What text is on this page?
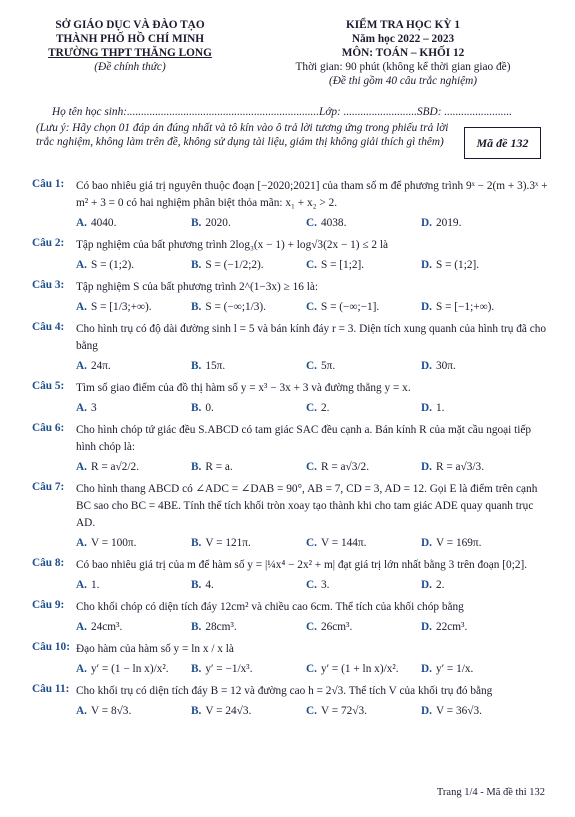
SỞ GIÁO DỤC VÀ ĐÀO TẠO
THÀNH PHỐ HỒ CHÍ MINH
TRƯỜNG THPT THĂNG LONG
(Đề chính thức)
KIỂM TRA HỌC KỲ 1
Năm học 2022 – 2023
MÔN: TOÁN – KHỐI 12
Thời gian: 90 phút (không kể thời gian giao đề)
(Đề thi gồm 40 câu trắc nghiệm)
Họ tên học sinh:....................................................................Lớp: ..........................SBD: ........................
(Lưu ý: Hãy chọn 01 đáp án đúng nhất và tô kín vào ô trả lời tương ứng trong phiếu trả lời trắc nghiệm, không làm trên đề, không sử dụng tài liệu, giám thị không giải thích gì thêm)	Mã đề 132
Câu 1:	Có bao nhiêu giá trị nguyên thuộc đoạn [−2020;2021] của tham số m để phương trình 9ˣ − 2(m + 3).3ˣ + m² + 3 = 0 có hai nghiệm phân biệt thỏa mãn: x₁ + x₂ > 2.
A. 4040.	B. 2020.	C. 4038.	D. 2019.
Câu 2:	Tập nghiệm của bất phương trình 2log₃(x − 1) + log√3(2x − 1) ≤ 2 là
A. S = (1;2).	B. S = (−1/2;2).	C. S = [1;2].	D. S = (1;2].
Câu 3:	Tập nghiệm S của bất phương trình 2^(1−3x) ≥ 16 là:
A. S = [1/3;+∞).	B. S = (−∞;1/3).	C. S = (−∞;−1].	D. S = [−1;+∞).
Câu 4:	Cho hình trụ có độ dài đường sinh l = 5 và bán kính đáy r = 3. Diện tích xung quanh của hình trụ đã cho bằng
A. 24π.	B. 15π.	C. 5π.	D. 30π.
Câu 5:	Tìm số giao điểm của đồ thị hàm số y = x³ − 3x + 3 và đường thẳng y = x.
A. 3	B. 0.	C. 2.	D. 1.
Câu 6:	Cho hình chóp tứ giác đều S.ABCD có tam giác SAC đều cạnh a. Bán kính R của mặt cầu ngoại tiếp hình chóp là:
A. R = a√2/2.	B. R = a.	C. R = a√3/2.	D. R = a√3/3.
Câu 7:	Cho hình thang ABCD có ∠ADC = ∠DAB = 90°, AB = 7, CD = 3, AD = 12. Gọi E là điểm trên cạnh BC sao cho BC = 4BE. Tính thể tích khối tròn xoay tạo thành khi cho tam giác ADE quay quanh trục AD.
A. V = 100π.	B. V = 121π.	C. V = 144π.	D. V = 169π.
Câu 8:	Có bao nhiêu giá trị của m để hàm số y = |¼x⁴ − 2x² + m| đạt giá trị lớn nhất bằng 3 trên đoạn [0;2].
A. 1.	B. 4.	C. 3.	D. 2.
Câu 9:	Cho khối chóp có diện tích đáy 12cm² và chiều cao 6cm. Thể tích của khối chóp bằng
A. 24cm³.	B. 28cm³.	C. 26cm³.	D. 22cm³.
Câu 10: Đạo hàm của hàm số y = ln x / x là
A. y′ = (1 − ln x)/x².	B. y′ = −1/x³.	C. y′ = (1 + ln x)/x².	D. y′ = 1/x.
Câu 11: Cho khối trụ có diện tích đáy B = 12 và đường cao h = 2√3. Thể tích V của khối trụ đó bằng
A. V = 8√3.	B. V = 24√3.	C. V = 72√3.	D. V = 36√3.
Trang 1/4 - Mã đề thi 132
